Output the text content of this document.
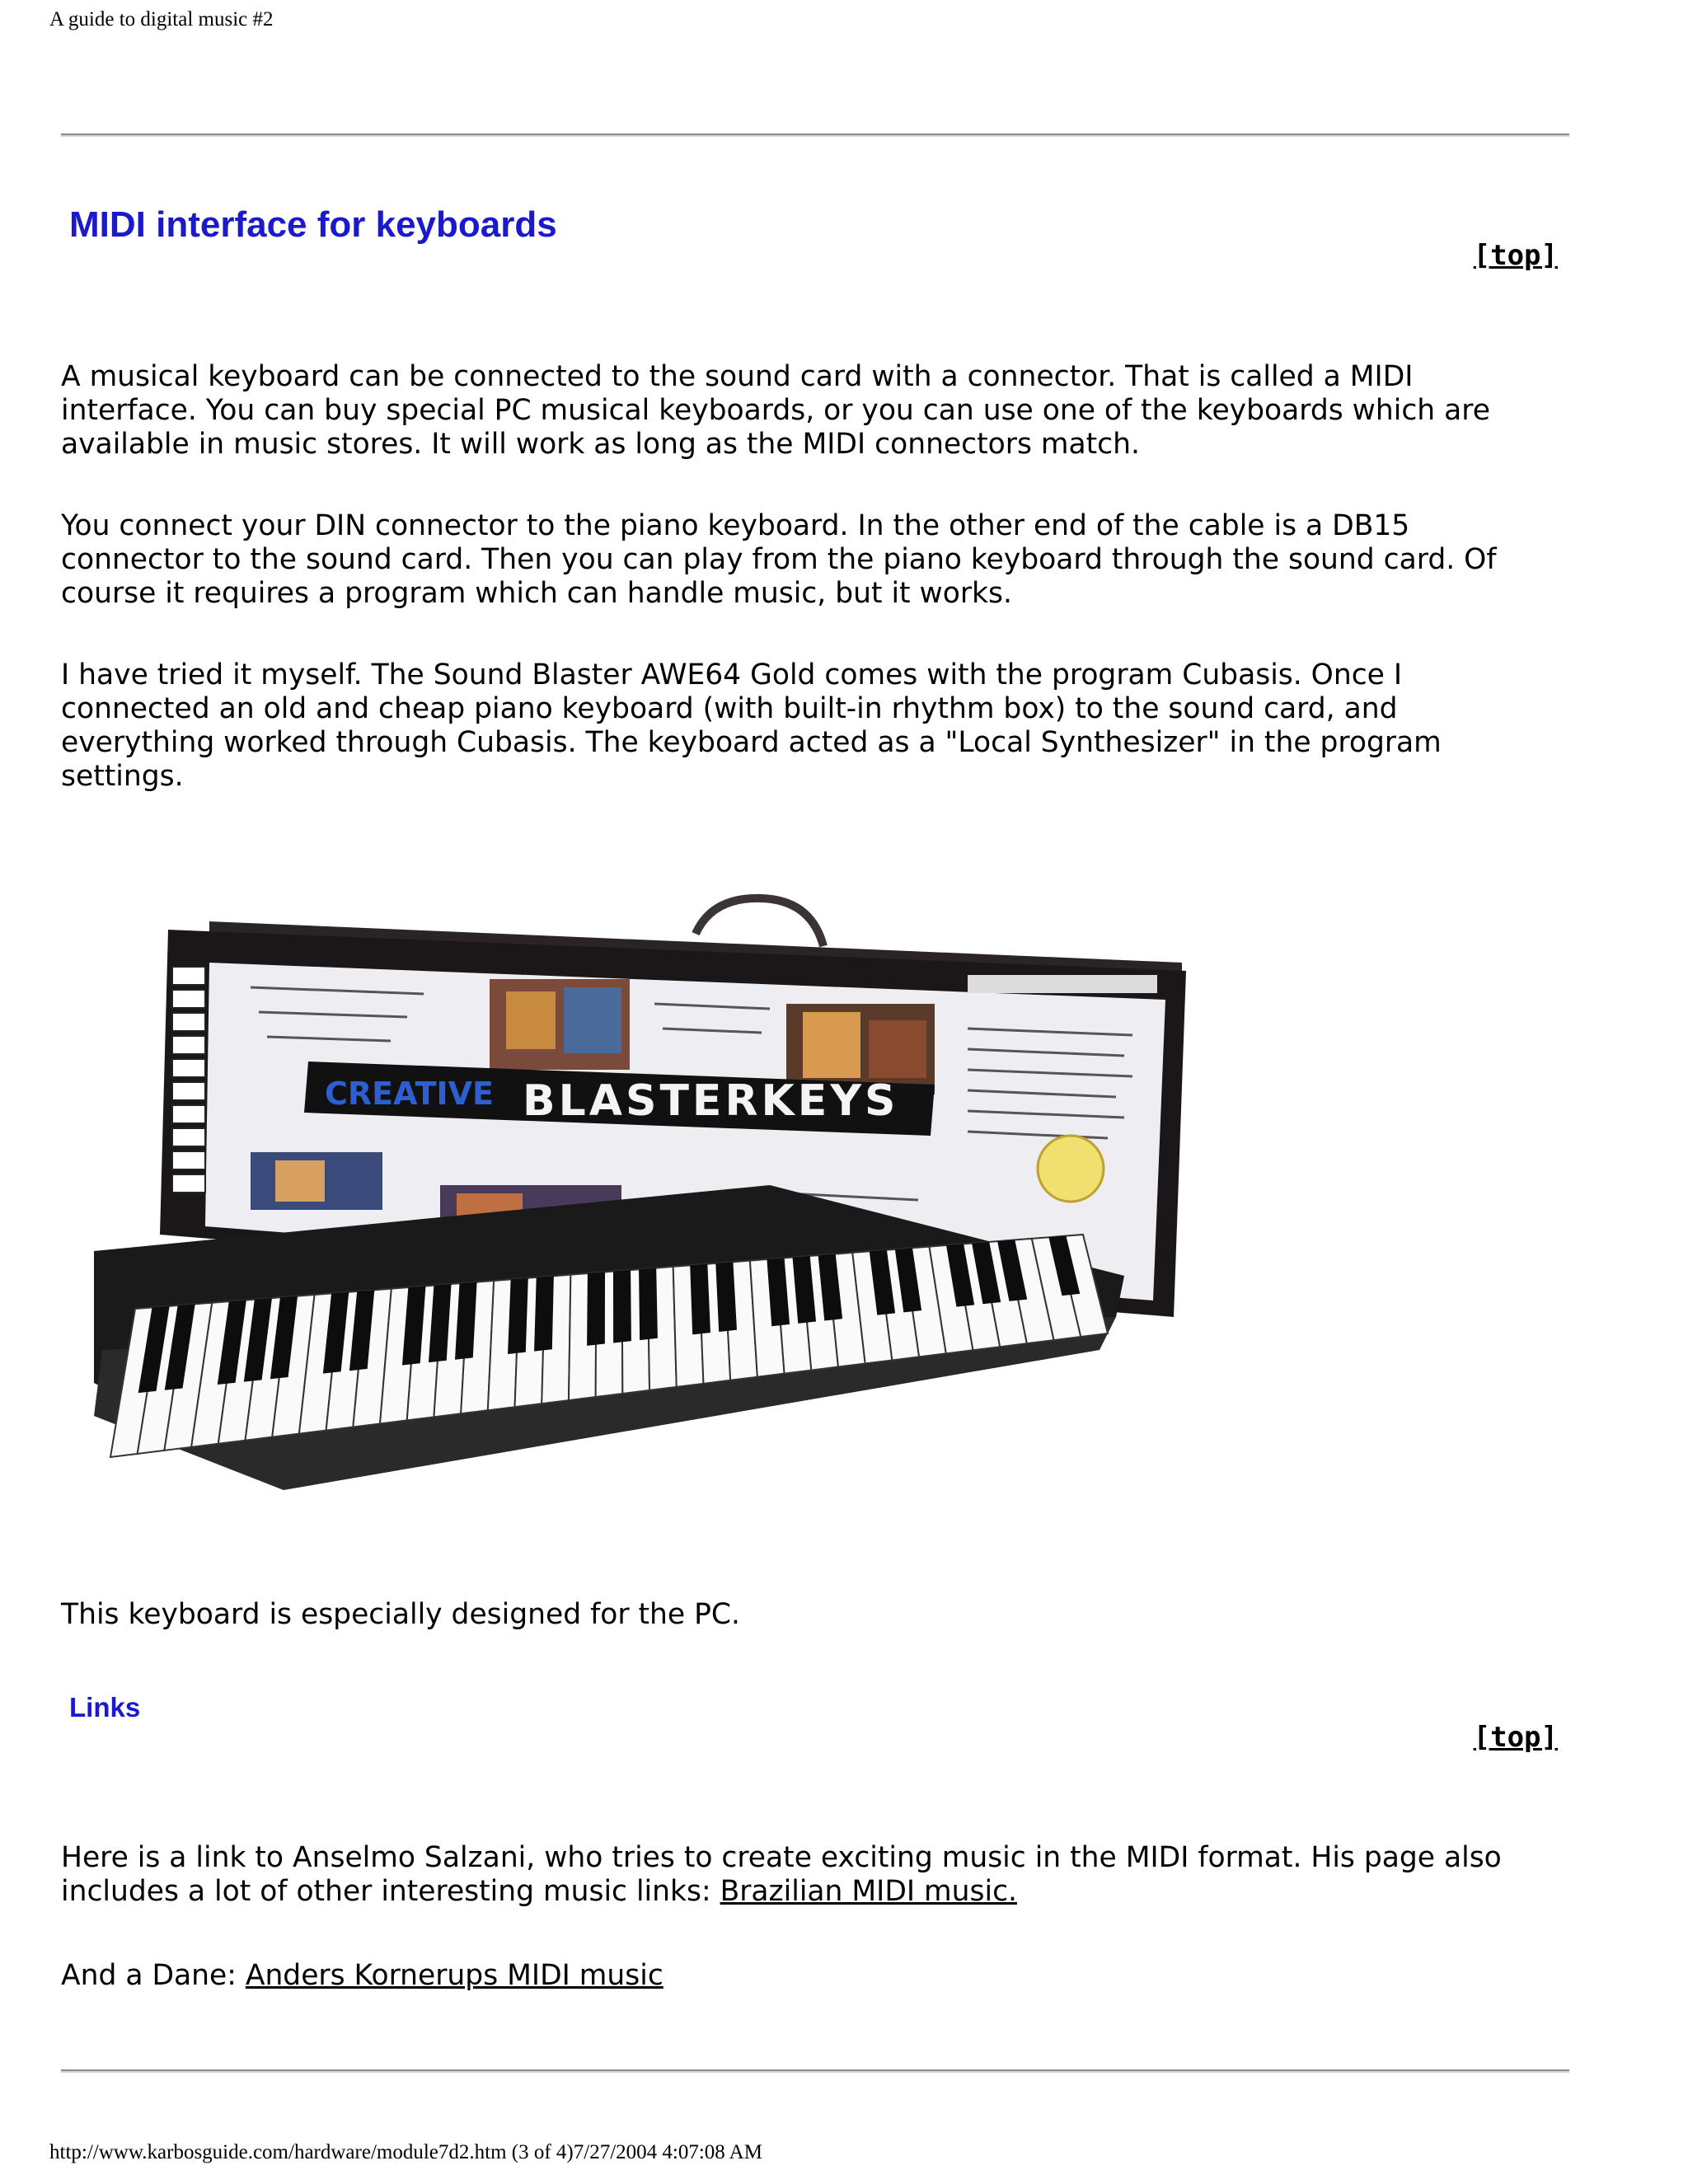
A guide to digital music #2
MIDI interface for keyboards
[top]

A musical keyboard can be connected to the sound card with a connector. That is called a MIDI interface. You can buy special PC musical keyboards, or you can use one of the keyboards which are available in music stores. It will work as long as the MIDI connectors match.

You connect your DIN connector to the piano keyboard. In the other end of the cable is a DB15 connector to the sound card. Then you can play from the piano keyboard through the sound card. Of course it requires a program which can handle music, but it works.

I have tried it myself. The Sound Blaster AWE64 Gold comes with the program Cubasis. Once I connected an old and cheap piano keyboard (with built-in rhythm box) to the sound card, and everything worked through Cubasis. The keyboard acted as a "Local Synthesizer" in the program settings.

CREATIVE BLASTERKEYS

This keyboard is especially designed for the PC.

Links
[top]

Here is a link to Anselmo Salzani, who tries to create exciting music in the MIDI format. His page also includes a lot of other interesting music links: Brazilian MIDI music.

And a Dane: Anders Kornerups MIDI music

http://www.karbosguide.com/hardware/module7d2.htm (3 of 4)7/27/2004 4:07:08 AM
